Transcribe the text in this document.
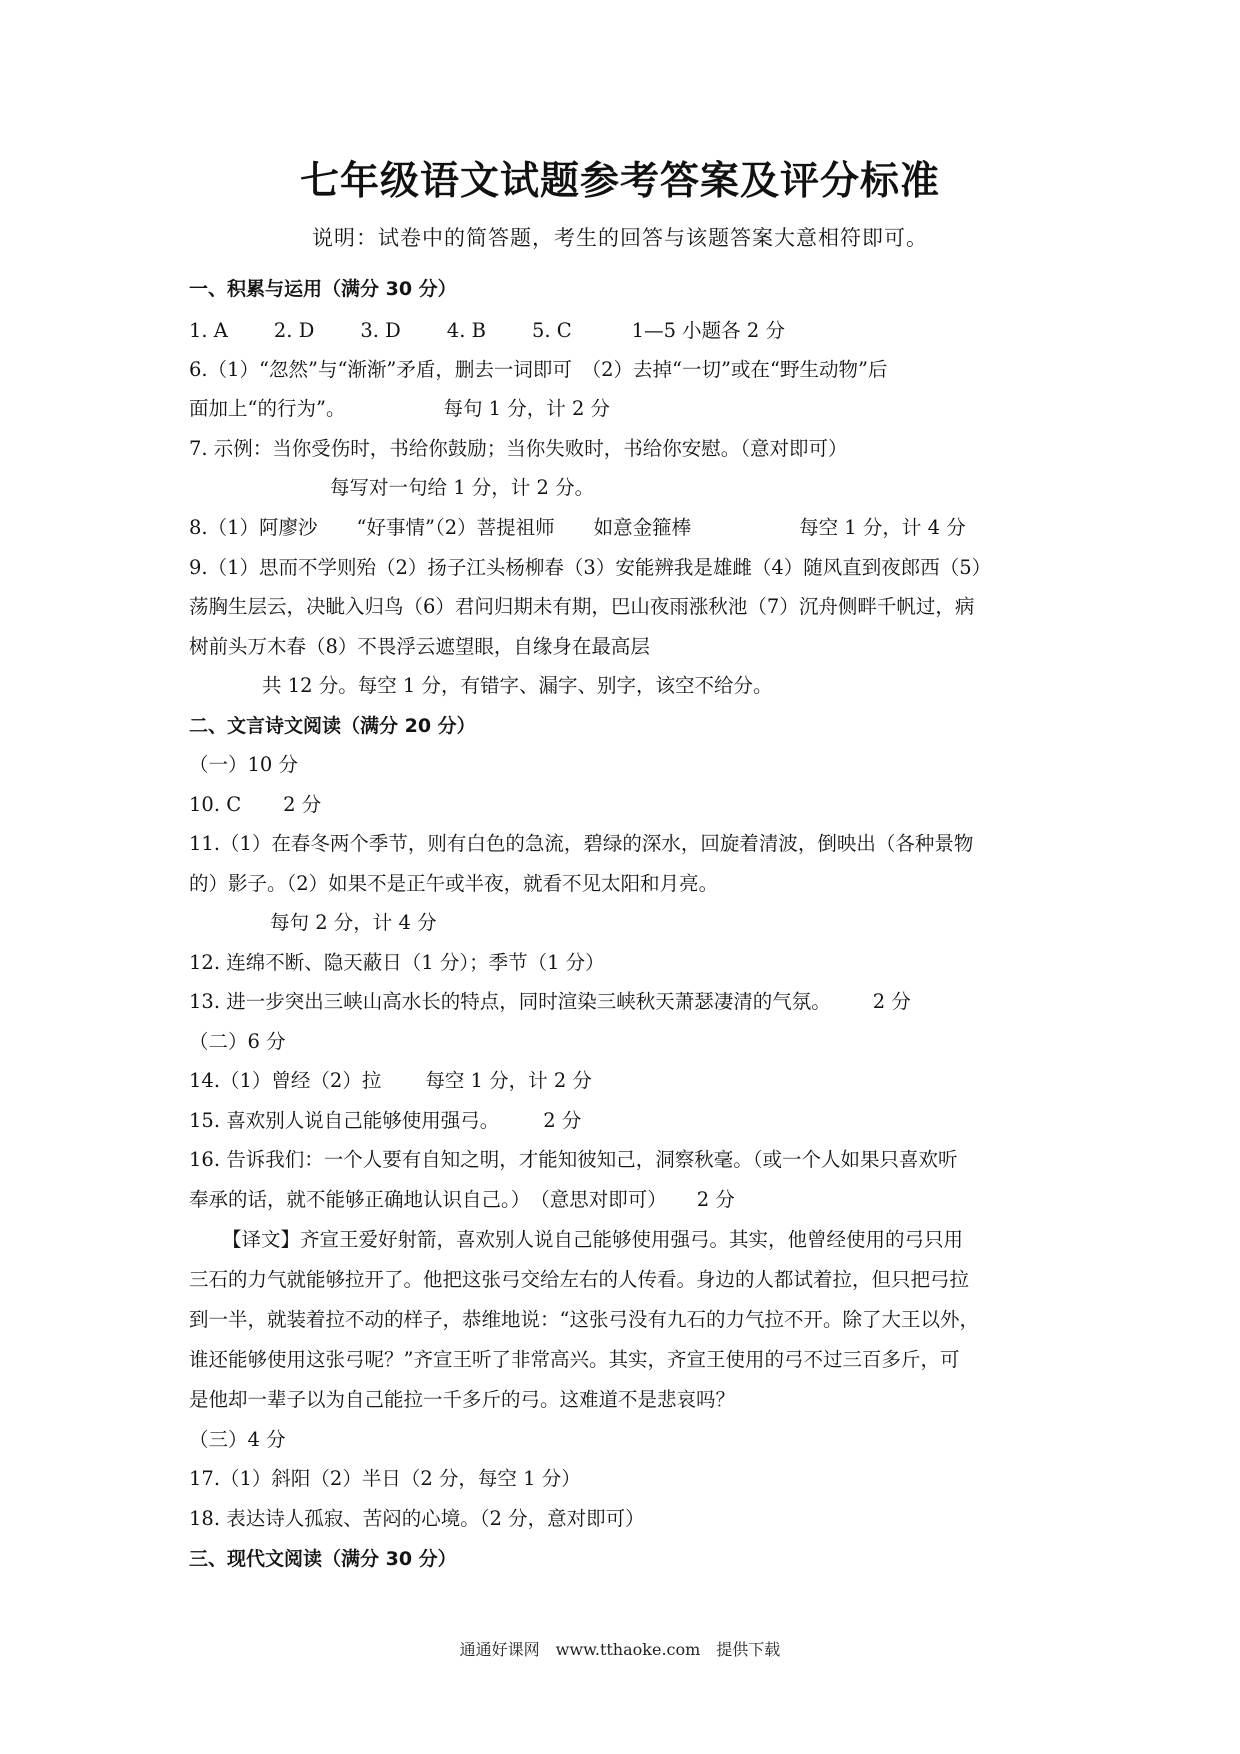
七年级语文试题参考答案及评分标准
说明：试卷中的简答题，考生的回答与该题答案大意相符即可。
一、积累与运用（满分 30 分）
1. A 2. D 3. D 4. B 5. C	1—5 小题各 2 分
6.（1）“忽然”与“渐渐”矛盾，删去一词即可　（2）去掉“一切”或在“野生动物”后
面加上“的行为”。	每句 1 分，计 2 分
7. 示例：当你受伤时，书给你鼓励；当你失败时，书给你安慰。（意对即可）
每写对一句给 1 分，计 2 分。
8.（1）阿廖沙　　“好事情”（2）菩提祖师　　如意金箍棒	每空 1 分，计 4 分
9.（1）思而不学则殆（2）扬子江头杨柳春（3）安能辨我是雄雌（4）随风直到夜郎西（5）
荡胸生层云，决眦入归鸟（6）君问归期未有期，巴山夜雨涨秋池（7）沉舟侧畔千帆过，病
树前头万木春（8）不畏浮云遮望眼，自缘身在最高层
共 12 分。每空 1 分，有错字、漏字、别字，该空不给分。
二、文言诗文阅读（满分 20 分）
（一）10 分
10. C 2 分
11.（1）在春冬两个季节，则有白色的急流，碧绿的深水，回旋着清波，倒映出（各种景物
的）影子。（2）如果不是正午或半夜，就看不见太阳和月亮。
每句 2 分，计 4 分
12. 连绵不断、隐天蔽日（1 分）；季节（1 分）
13. 进一步突出三峡山高水长的特点，同时渲染三峡秋天萧瑟凄清的气氛。 2 分
（二）6 分
14.（1）曾经（2）拉 每空 1 分，计 2 分
15. 喜欢别人说自己能够使用强弓。 2 分
16. 告诉我们：一个人要有自知之明，才能知彼知己，洞察秋毫。（或一个人如果只喜欢听
奉承的话，就不能够正确地认识自己。）　（意思对即可） 2 分
【译文】齐宣王爱好射箭，喜欢别人说自己能够使用强弓。其实，他曾经使用的弓只用
三石的力气就能够拉开了。他把这张弓交给左右的人传看。身边的人都试着拉，但只把弓拉
到一半，就装着拉不动的样子，恭维地说：“这张弓没有九石的力气拉不开。除了大王以外，
谁还能够使用这张弓呢？”齐宣王听了非常高兴。其实，齐宣王使用的弓不过三百多斤，可
是他却一辈子以为自己能拉一千多斤的弓。这难道不是悲哀吗？
（三）4 分
17.（1）斜阳（2）半日（2 分，每空 1 分）
18. 表达诗人孤寂、苦闷的心境。（2 分，意对即可）
三、现代文阅读（满分 30 分）
通通好课网　www.tthaoke.com　提供下载
